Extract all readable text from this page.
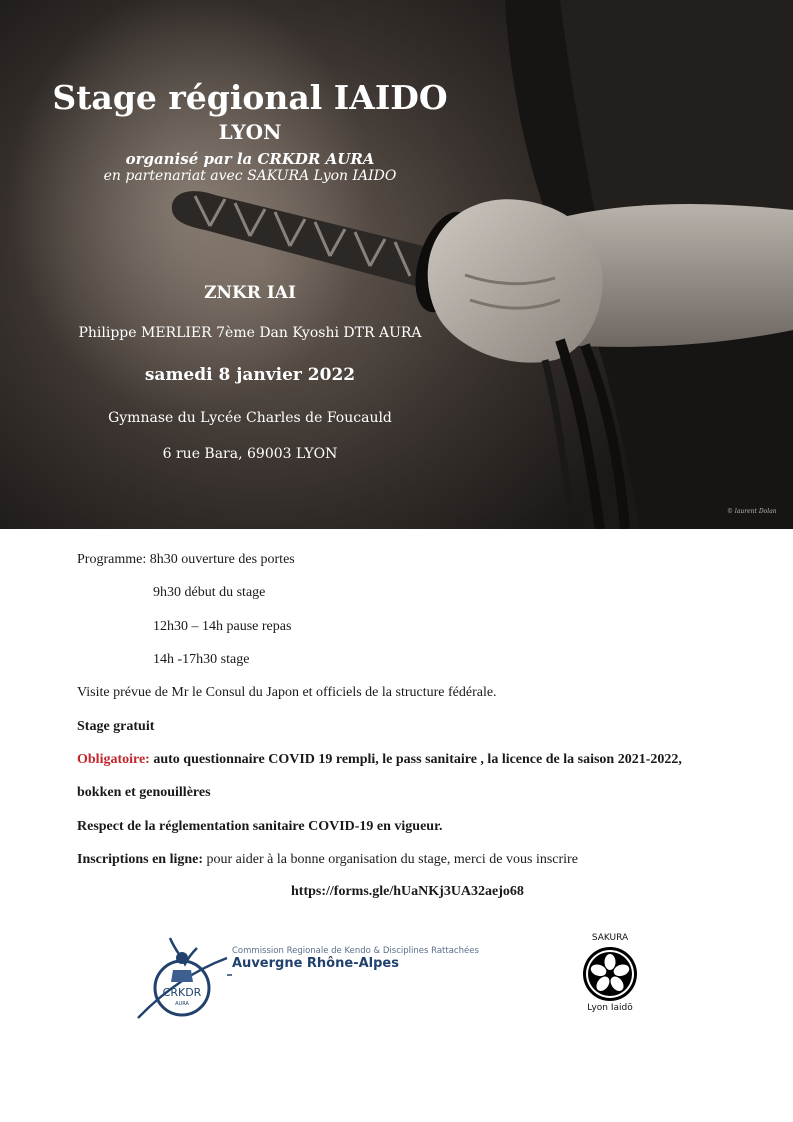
Stage régional IAIDO
LYON
organisé par la CRKDR AURA
en partenariat avec SAKURA Lyon IAIDO
ZNKR IAI
Philippe MERLIER 7ème Dan Kyoshi DTR AURA
samedi 8 janvier 2022
Gymnase du Lycée Charles de Foucauld
6 rue Bara, 69003 LYON
© laurent Dolan
Programme: 8h30 ouverture des portes
9h30 début du stage
12h30 – 14h pause repas
14h -17h30 stage
Visite prévue de Mr le Consul du Japon et officiels de la structure fédérale.
Stage gratuit
Obligatoire: auto questionnaire COVID 19 rempli, le pass sanitaire , la licence de la saison 2021-2022,
bokken et genouillères
Respect de la réglementation sanitaire COVID-19 en vigueur.
Inscriptions en ligne: pour aider à la bonne organisation du stage, merci de vous inscrire
https://forms.gle/hUaNKj3UA32aejo68
CRKDR
AURA
Commission Regionale de Kendo & Disciplines Rattachées
Auvergne Rhône-Alpes
SAKURA
Lyon Iaidō
